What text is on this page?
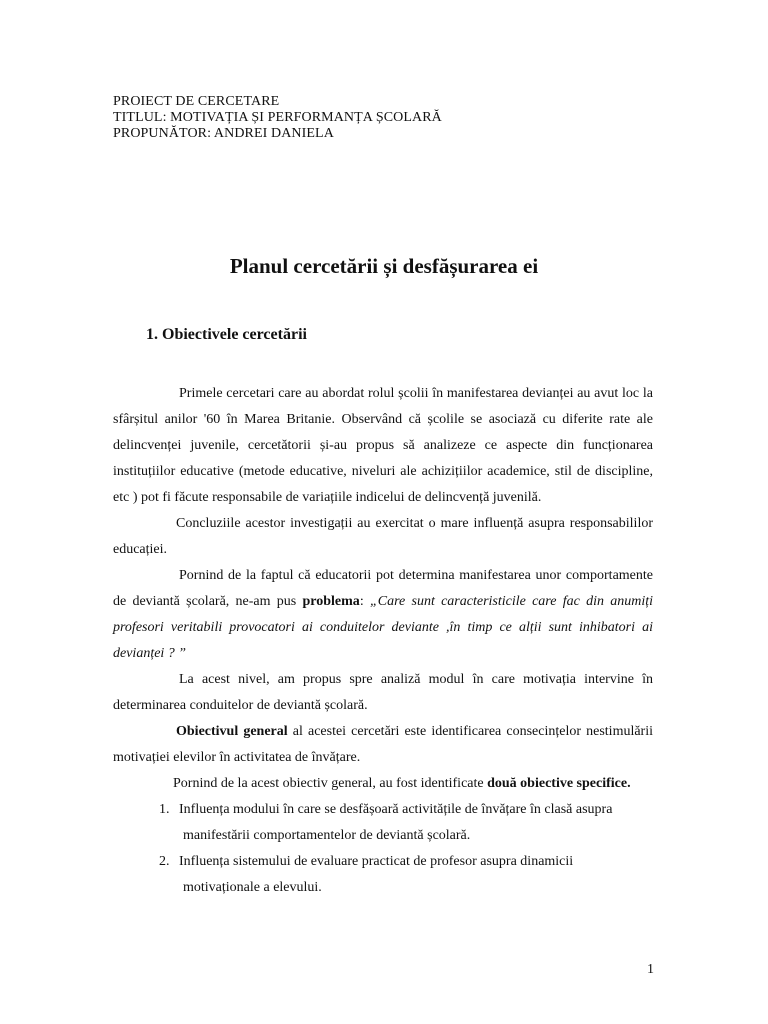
PROIECT DE CERCETARE
TITLUL: MOTIVAȚIA ȘI PERFORMANȚA ȘCOLARĂ
PROPUNĂTOR: ANDREI DANIELA
Planul cercetării și desfășurarea ei
1. Obiectivele cercetării

Primele cercetari care au abordat rolul școlii în manifestarea devianței au avut loc la sfârșitul anilor '60 în Marea Britanie. Observând că școlile se asociază cu diferite rate ale delincvenței juvenile, cercetătorii și-au propus să analizeze ce aspecte din funcționarea instituțiilor educative (metode educative, niveluri ale achizițiilor academice, stil de discipline, etc ) pot fi făcute responsabile de variațiile indicelui de delincvență juvenilă.

Concluziile acestor investigații au exercitat o mare influență asupra responsabililor educației.

Pornind de la faptul că educatorii pot determina manifestarea unor comportamente de deviantă școlară, ne-am pus problema: „Care sunt caracteristicile care fac din anumiți profesori veritabili provocatori ai conduitelor deviante ,în timp ce alții sunt inhibatori ai devianței ? ”

La acest nivel, am propus spre analiză modul în care motivația intervine în determinarea conduitelor de deviantă școlară.

Obiectivul general al acestei cercetări este identificarea consecințelor nestimulării motivației elevilor în activitatea de învățare.

Pornind de la acest obiectiv general, au fost identificate două obiective specifice.

1. Influența modului în care se desfășoară activitățile de învățare în clasă asupra
manifestării comportamentelor de deviantă școlară.
2. Influența sistemului de evaluare practicat de profesor asupra dinamicii
motivaționale a elevului.
1
